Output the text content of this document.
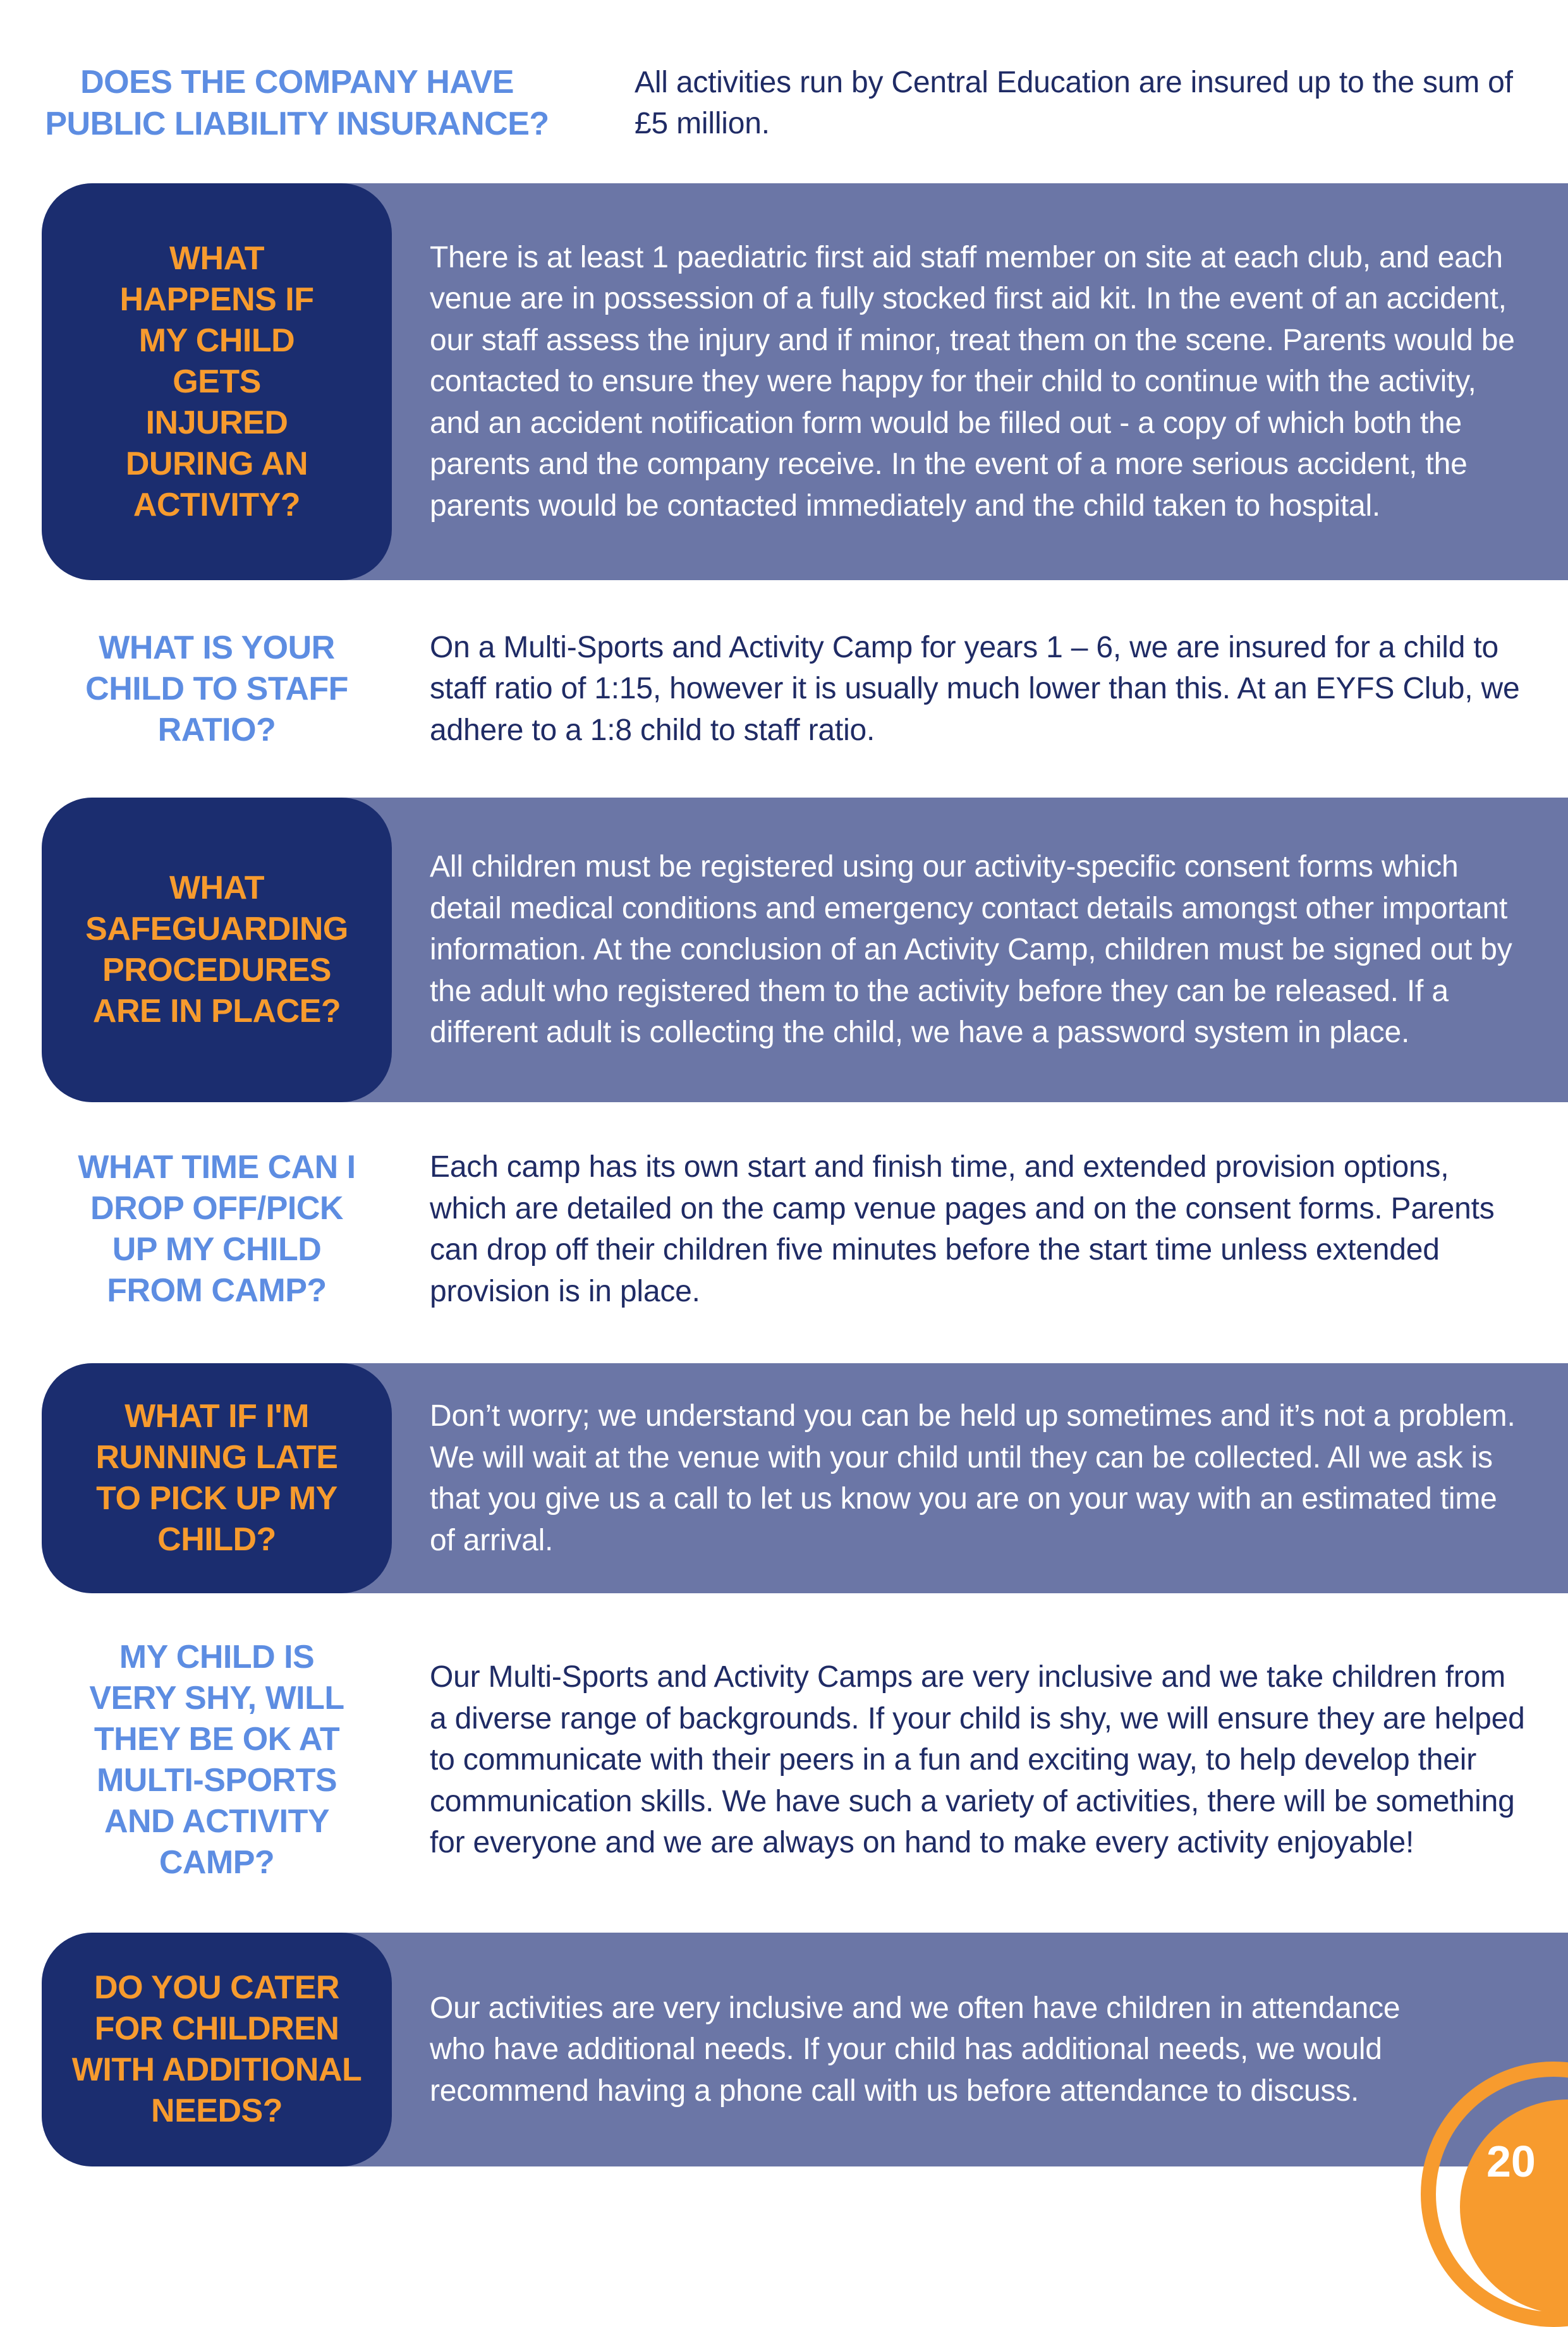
DOES THE COMPANY HAVE PUBLIC LIABILITY INSURANCE?
All activities run by Central Education are insured up to the sum of £5 million.
WHAT HAPPENS IF MY CHILD GETS INJURED DURING AN ACTIVITY?
There is at least 1 paediatric first aid staff member on site at each club, and each venue are in possession of a fully stocked first aid kit. In the event of an accident, our staff assess the injury and if minor, treat them on the scene. Parents would be contacted to ensure they were happy for their child to continue with the activity, and an accident notification form would be filled out - a copy of which both the parents and the company receive. In the event of a more serious accident, the parents would be contacted immediately and the child taken to hospital.
WHAT IS YOUR CHILD TO STAFF RATIO?
On a Multi-Sports and Activity Camp for years 1 – 6, we are insured for a child to staff ratio of 1:15, however it is usually much lower than this. At an EYFS Club, we adhere to a 1:8 child to staff ratio.
WHAT SAFEGUARDING PROCEDURES ARE IN PLACE?
All children must be registered using our activity-specific consent forms which detail medical conditions and emergency contact details amongst other important information. At the conclusion of an Activity Camp, children must be signed out by the adult who registered them to the activity before they can be released. If a different adult is collecting the child, we have a password system in place.
WHAT TIME CAN I DROP OFF/PICK UP MY CHILD FROM CAMP?
Each camp has its own start and finish time, and extended provision options, which are detailed on the camp venue pages and on the consent forms. Parents can drop off their children five minutes before the start time unless extended provision is in place.
WHAT IF I'M RUNNING LATE TO PICK UP MY CHILD?
Don’t worry; we understand you can be held up sometimes and it’s not a problem. We will wait at the venue with your child until they can be collected. All we ask is that you give us a call to let us know you are on your way with an estimated time of arrival.
MY CHILD IS VERY SHY, WILL THEY BE OK AT MULTI-SPORTS AND ACTIVITY CAMP?
Our Multi-Sports and Activity Camps are very inclusive and we take children from a diverse range of backgrounds. If your child is shy, we will ensure they are helped to communicate with their peers in a fun and exciting way, to help develop their communication skills. We have such a variety of activities, there will be something for everyone and we are always on hand to make every activity enjoyable!
DO YOU CATER FOR CHILDREN WITH ADDITIONAL NEEDS?
Our activities are very inclusive and we often have children in attendance who have additional needs. If your child has additional needs, we would recommend having a phone call with us before attendance to discuss.
20
